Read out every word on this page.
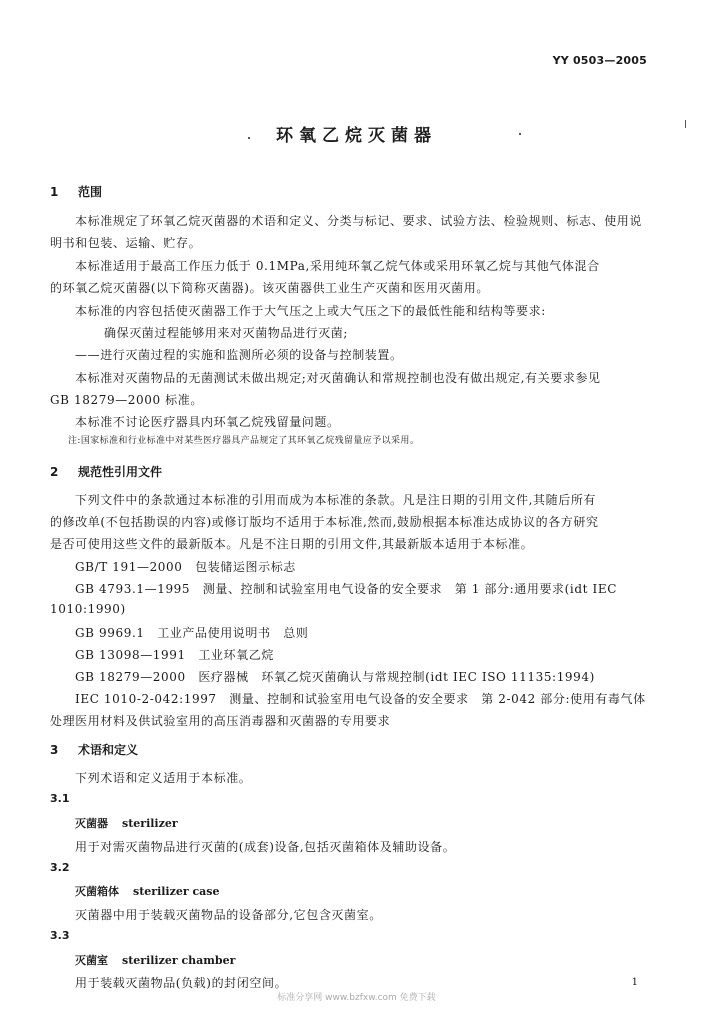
YY 0503—2005
环氧乙烷灭菌器
1 范围
本标准规定了环氧乙烷灭菌器的术语和定义、分类与标记、要求、试验方法、检验规则、标志、使用说
明书和包装、运输、贮存。
本标准适用于最高工作压力低于 0.1MPa,采用纯环氧乙烷气体或采用环氧乙烷与其他气体混合
的环氧乙烷灭菌器(以下简称灭菌器)。该灭菌器供工业生产灭菌和医用灭菌用。
本标准的内容包括使灭菌器工作于大气压之上或大气压之下的最低性能和结构等要求:
确保灭菌过程能够用来对灭菌物品进行灭菌;
——进行灭菌过程的实施和监测所必须的设备与控制装置。
本标准对灭菌物品的无菌测试未做出规定;对灭菌确认和常规控制也没有做出规定,有关要求参见
GB 18279—2000 标准。
本标准不讨论医疗器具内环氧乙烷残留量问题。
注:国家标准和行业标准中对某些医疗器具产品规定了其环氧乙烷残留量应予以采用。
2 规范性引用文件
下列文件中的条款通过本标准的引用而成为本标准的条款。凡是注日期的引用文件,其随后所有
的修改单(不包括勘误的内容)或修订版均不适用于本标准,然而,鼓励根据本标准达成协议的各方研究
是否可使用这些文件的最新版本。凡是不注日期的引用文件,其最新版本适用于本标准。
GB/T 191—2000　包装储运图示标志
GB 4793.1—1995　测量、控制和试验室用电气设备的安全要求　第 1 部分:通用要求(idt IEC
1010:1990)
GB 9969.1　工业产品使用说明书　总则
GB 13098—1991　工业环氧乙烷
GB 18279—2000　医疗器械　环氧乙烷灭菌确认与常规控制(idt IEC ISO 11135:1994)
IEC 1010-2-042:1997　测量、控制和试验室用电气设备的安全要求　第 2-042 部分:使用有毒气体
处理医用材料及供试验室用的高压消毒器和灭菌器的专用要求
3 术语和定义
下列术语和定义适用于本标准。
3.1
灭菌器 sterilizer
用于对需灭菌物品进行灭菌的(成套)设备,包括灭菌箱体及辅助设备。
3.2
灭菌箱体 sterilizer case
灭菌器中用于装载灭菌物品的设备部分,它包含灭菌室。
3.3
灭菌室 sterilizer chamber
用于装载灭菌物品(负载)的封闭空间。	1
标准分享网 www.bzfxw.com 免费下载
